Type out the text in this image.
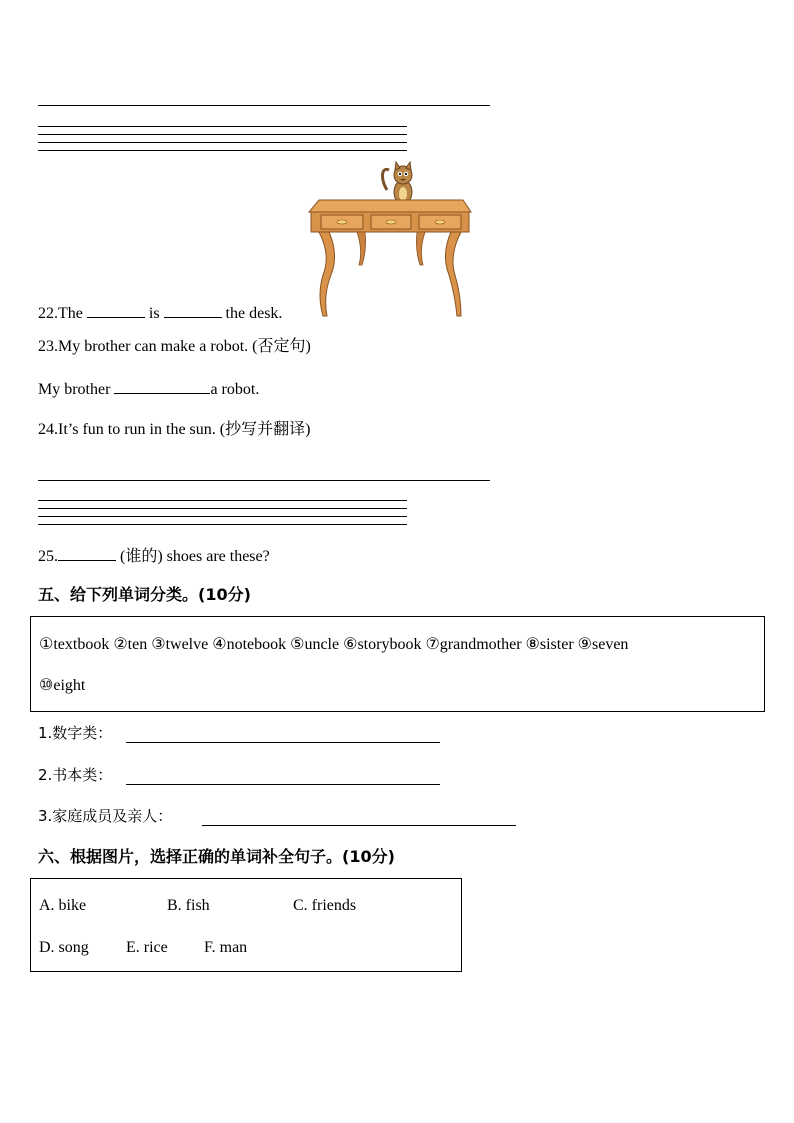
22.The	is	the desk.
23.My brother can make a robot. (否定句)
My brother	a robot.
24.It’s fun to run in the sun. (抄写并翻译)
25.	(谁的) shoes are these?
五、给下列单词分类。(10分)
①textbook ②ten ③twelve ④notebook ⑤uncle ⑥storybook ⑦grandmother ⑧sister ⑨seven
⑩eight
1.数字类：
2.书本类：
3.家庭成员及亲人：
六、根据图片，选择正确的单词补全句子。(10分)
A. bike	B. fish	C. friends
D. song E. rice F. man
